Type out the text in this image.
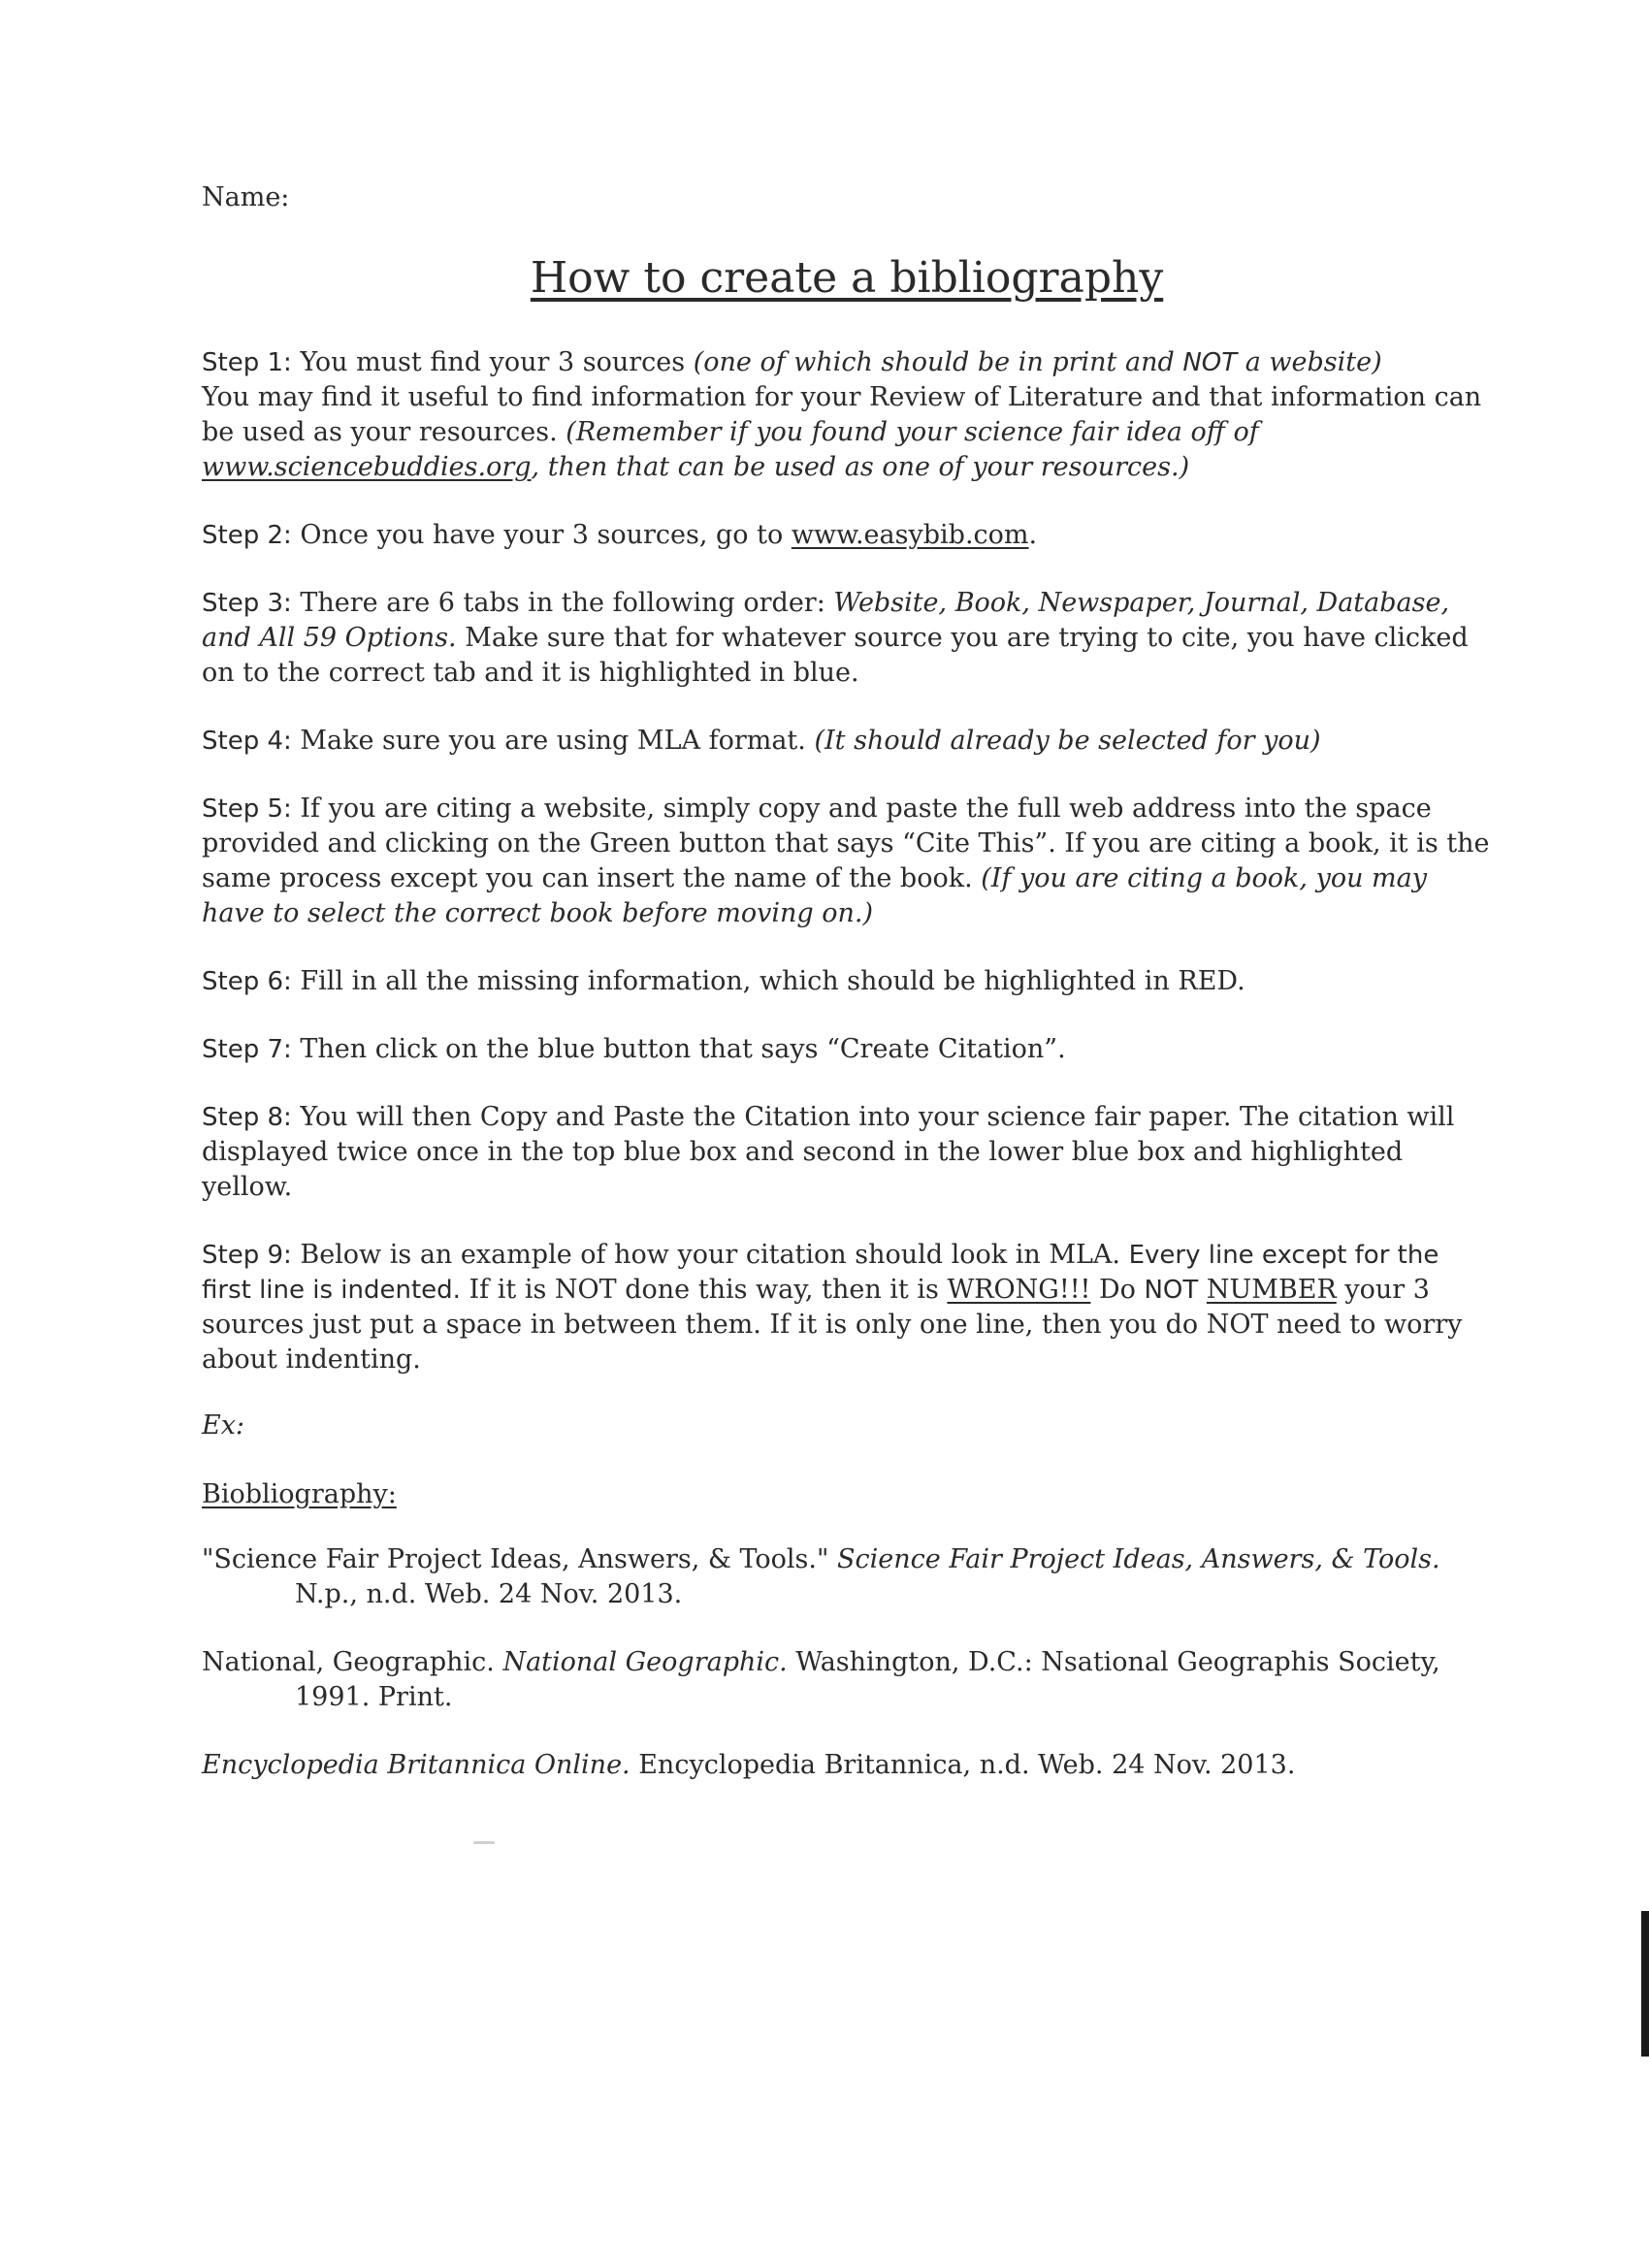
Name:
How to create a bibliography
Step 1: You must find your 3 sources (one of which should be in print and NOT a website)
You may find it useful to find information for your Review of Literature and that information can be used as your resources. (Remember if you found your science fair idea off of www.sciencebuddies.org, then that can be used as one of your resources.)
Step 2: Once you have your 3 sources, go to www.easybib.com.
Step 3: There are 6 tabs in the following order: Website, Book, Newspaper, Journal, Database, and All 59 Options. Make sure that for whatever source you are trying to cite, you have clicked on to the correct tab and it is highlighted in blue.
Step 4: Make sure you are using MLA format. (It should already be selected for you)
Step 5: If you are citing a website, simply copy and paste the full web address into the space provided and clicking on the Green button that says “Cite This”. If you are citing a book, it is the same process except you can insert the name of the book. (If you are citing a book, you may have to select the correct book before moving on.)
Step 6: Fill in all the missing information, which should be highlighted in RED.
Step 7: Then click on the blue button that says “Create Citation”.
Step 8: You will then Copy and Paste the Citation into your science fair paper. The citation will displayed twice once in the top blue box and second in the lower blue box and highlighted yellow.
Step 9: Below is an example of how your citation should look in MLA. Every line except for the first line is indented. If it is NOT done this way, then it is WRONG!!! Do NOT NUMBER your 3 sources just put a space in between them. If it is only one line, then you do NOT need to worry about indenting.
Ex:
Biobliography:
"Science Fair Project Ideas, Answers, & Tools." Science Fair Project Ideas, Answers, & Tools. N.p., n.d. Web. 24 Nov. 2013.
National, Geographic. National Geographic. Washington, D.C.: Nsational Geographis Society, 1991. Print.
Encyclopedia Britannica Online. Encyclopedia Britannica, n.d. Web. 24 Nov. 2013.
